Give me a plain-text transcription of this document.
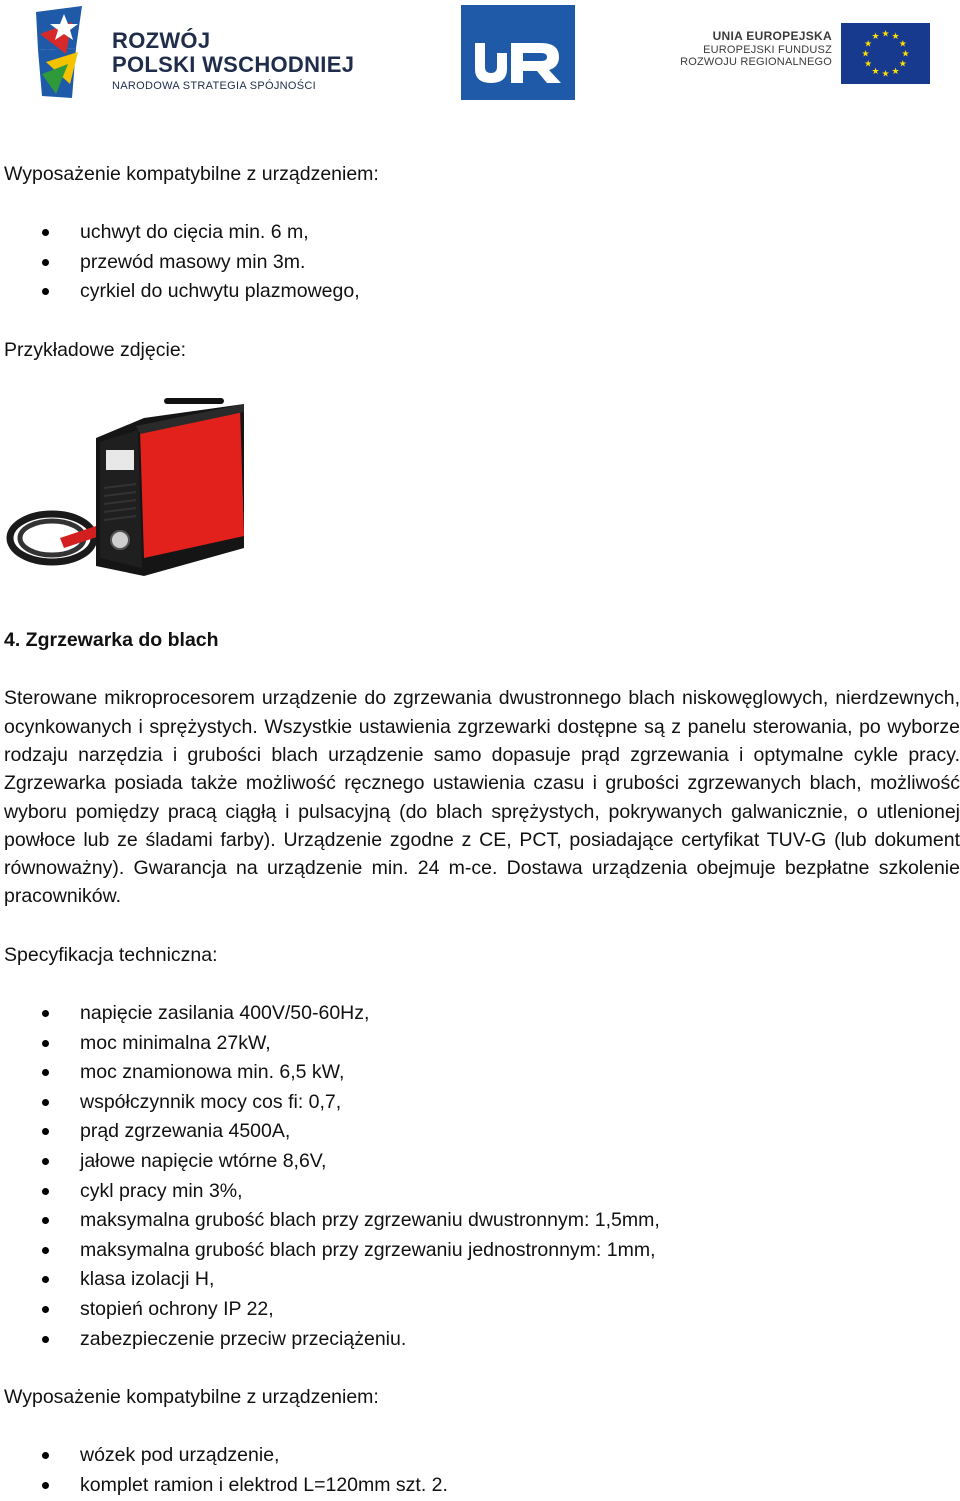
ROZWÓJ
POLSKI WSCHODNIEJ
NARODOWA STRATEGIA SPÓJNOŚCI
UNIA EUROPEJSKA
EUROPEJSKI FUNDUSZ
ROZWOJU REGIONALNEGO
★ ★
★
★
★
★
★
★
★
★
★
★

Wyposażenie kompatybilne z urządzeniem:

uchwyt do cięcia min. 6 m,
przewód masowy min 3m.
cyrkiel do uchwytu plazmowego,

Przykładowe zdjęcie:

4. Zgrzewarka do blach

Sterowane mikroprocesorem urządzenie do zgrzewania dwustronnego blach niskowęglowych, nierdzewnych, ocynkowanych i sprężystych. Wszystkie ustawienia zgrzewarki dostępne są z panelu sterowania, po wyborze rodzaju narzędzia i grubości blach urządzenie samo dopasuje prąd zgrzewania i optymalne cykle pracy. Zgrzewarka posiada także możliwość ręcznego ustawienia czasu i grubości zgrzewanych blach, możliwość wyboru pomiędzy pracą ciągłą i pulsacyjną (do blach sprężystych, pokrywanych galwanicznie, o utlenionej powłoce lub ze śladami farby). Urządzenie zgodne z CE, PCT, posiadające certyfikat TUV-G (lub dokument równoważny). Gwarancja na urządzenie min. 24 m-ce. Dostawa urządzenia obejmuje bezpłatne szkolenie pracowników.

Specyfikacja techniczna:

napięcie zasilania 400V/50-60Hz,
moc minimalna 27kW,
moc znamionowa min. 6,5 kW,
współczynnik mocy cos fi: 0,7,
prąd zgrzewania 4500A,
jałowe napięcie wtórne 8,6V,
cykl pracy min 3%,
maksymalna grubość blach przy zgrzewaniu dwustronnym: 1,5mm,
maksymalna grubość blach przy zgrzewaniu jednostronnym: 1mm,
klasa izolacji H,
stopień ochrony IP 22,
zabezpieczenie przeciw przeciążeniu.

Wyposażenie kompatybilne z urządzeniem:

wózek pod urządzenie,
komplet ramion i elektrod L=120mm szt. 2.
